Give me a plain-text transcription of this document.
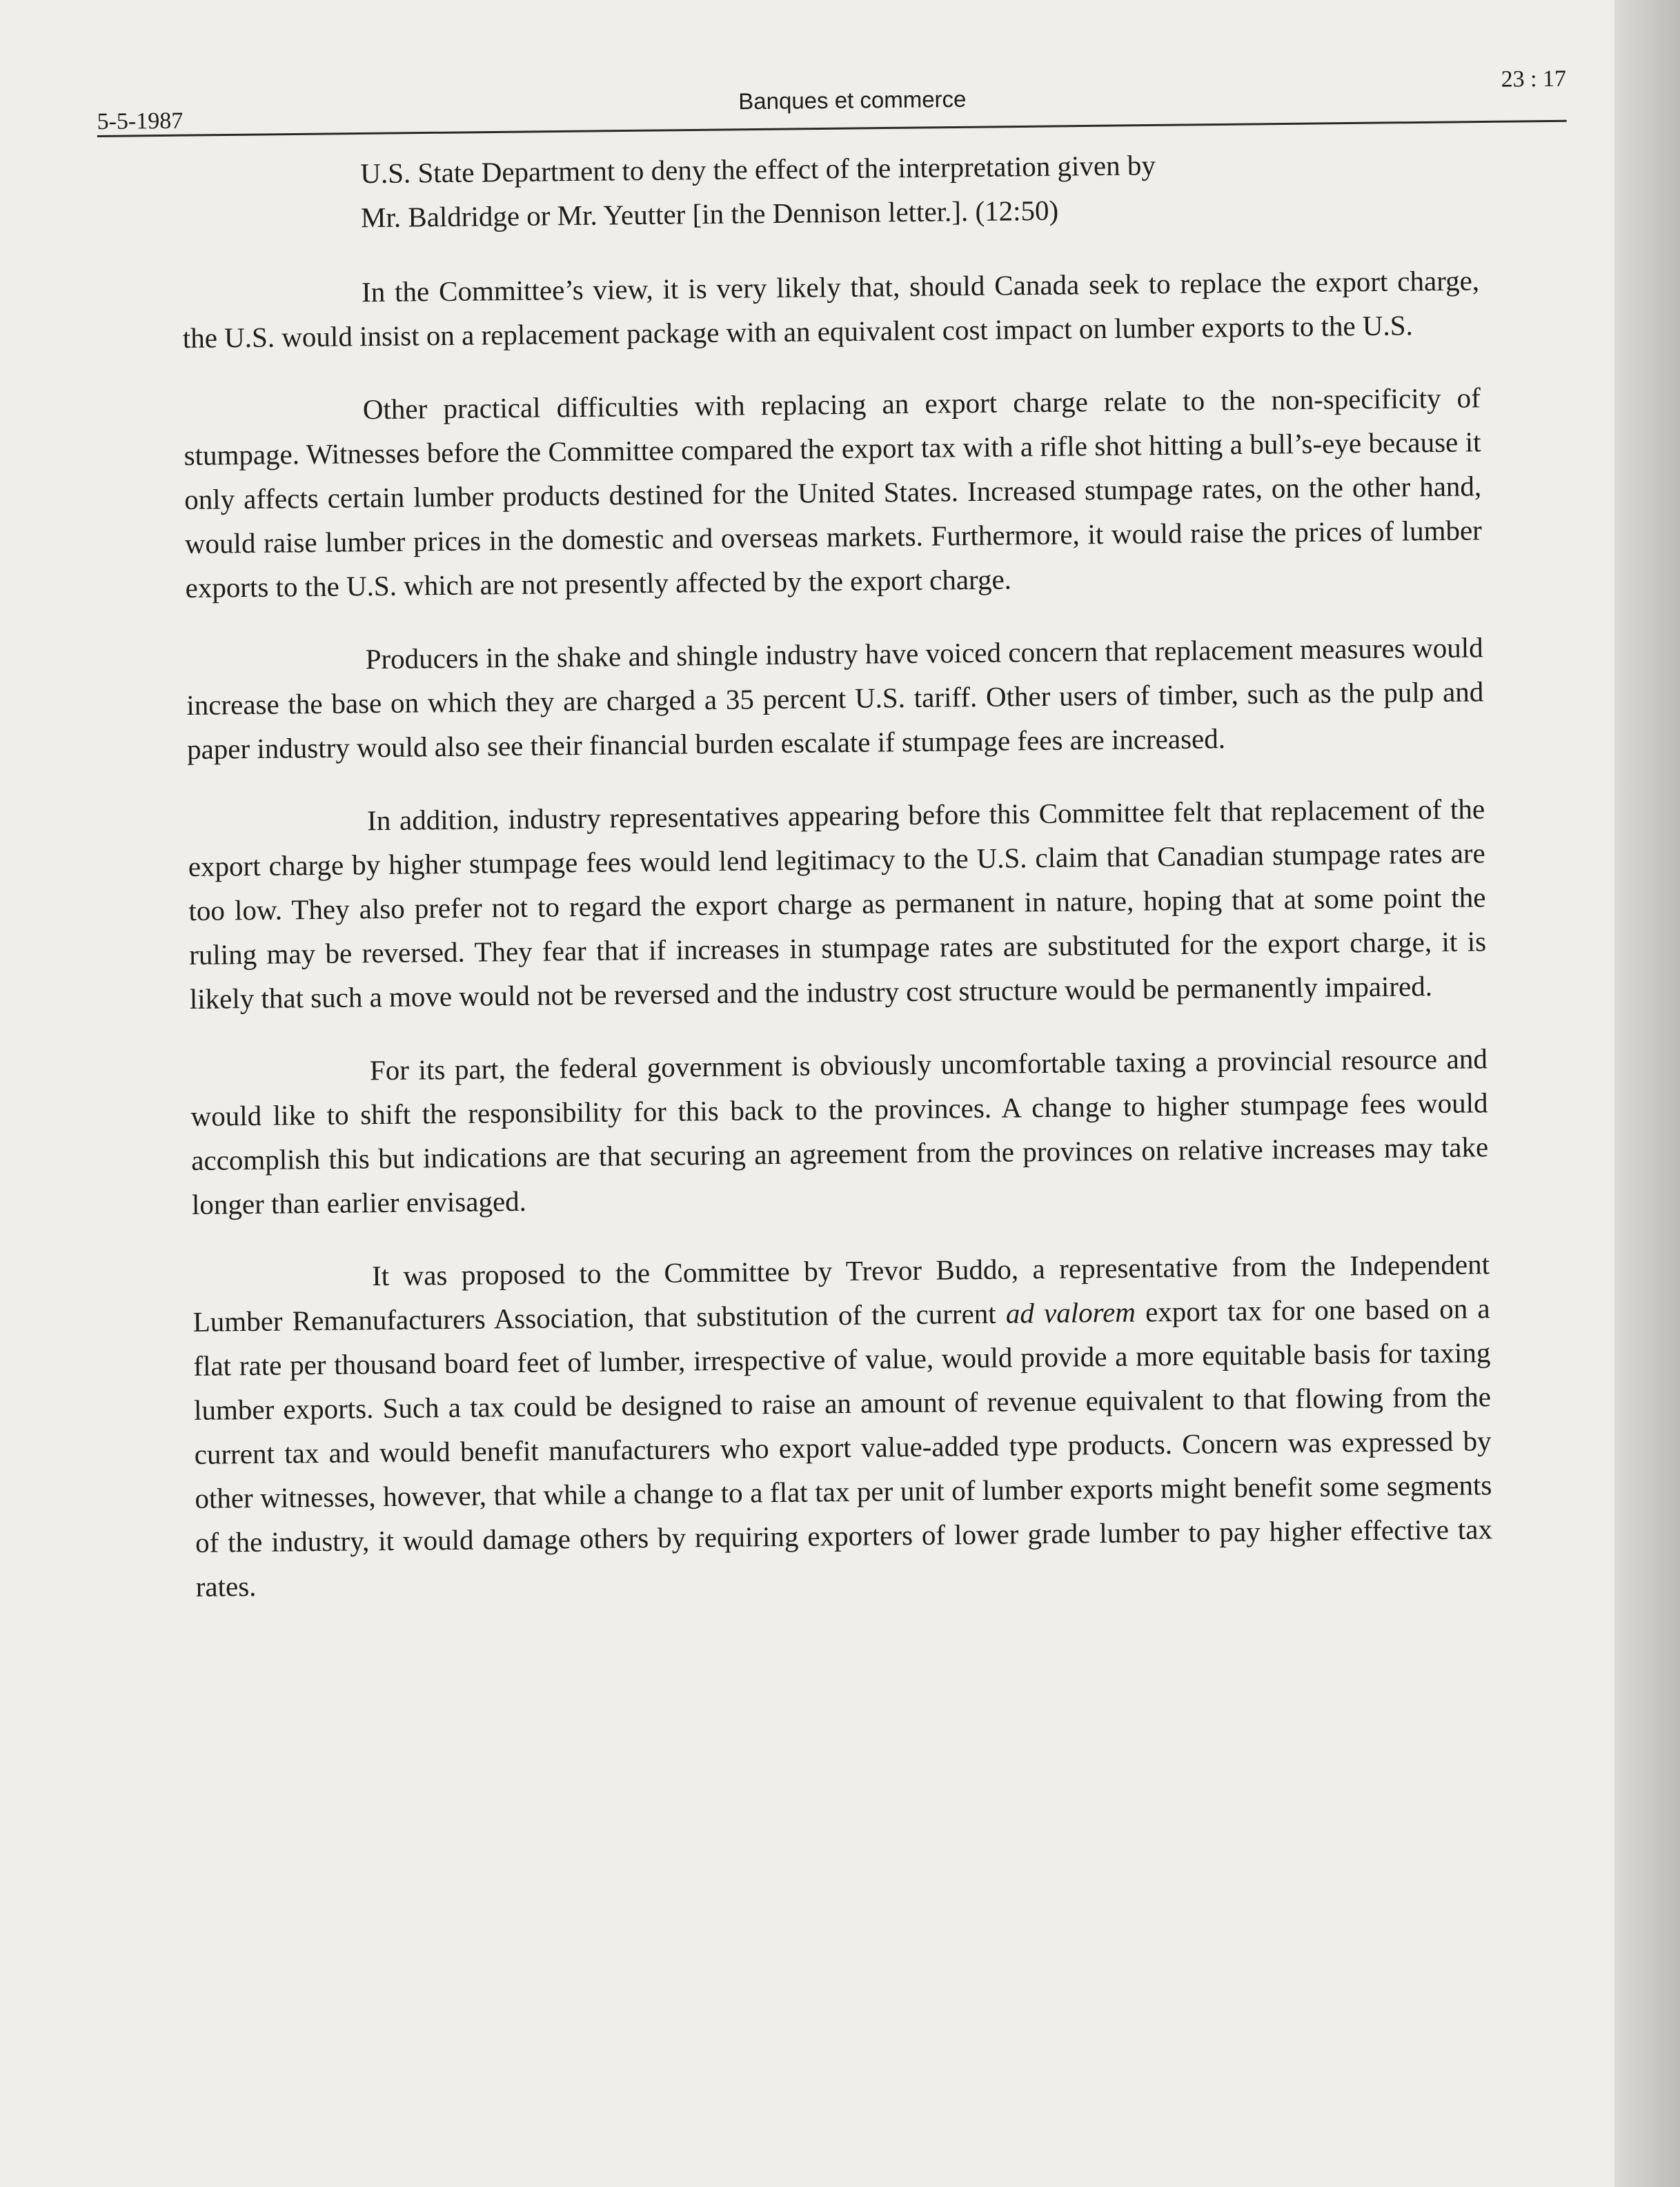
5-5-1987
Banques et commerce
23 : 17

U.S. State Department to deny the effect of the interpretation given by
Mr. Baldridge or Mr. Yeutter [in the Dennison letter.]. (12:50)

In the Committee’s view, it is very likely that, should Canada seek to replace the export charge, the U.S. would insist on a replacement package with an equivalent cost impact on lumber exports to the U.S.

Other practical difficulties with replacing an export charge relate to the non-specificity of stumpage. Witnesses before the Committee compared the export tax with a rifle shot hitting a bull’s-eye because it only affects certain lumber products destined for the United States. Increased stumpage rates, on the other hand, would raise lumber prices in the domestic and overseas markets. Furthermore, it would raise the prices of lumber exports to the U.S. which are not presently affected by the export charge.

Producers in the shake and shingle industry have voiced concern that replacement measures would increase the base on which they are charged a 35 percent U.S. tariff. Other users of timber, such as the pulp and paper industry would also see their financial burden escalate if stumpage fees are increased.

In addition, industry representatives appearing before this Committee felt that replacement of the export charge by higher stumpage fees would lend legitimacy to the U.S. claim that Canadian stumpage rates are too low. They also prefer not to regard the export charge as permanent in nature, hoping that at some point the ruling may be reversed. They fear that if increases in stumpage rates are substituted for the export charge, it is likely that such a move would not be reversed and the industry cost structure would be permanently impaired.

For its part, the federal government is obviously uncomfortable taxing a provincial resource and would like to shift the responsibility for this back to the provinces. A change to higher stumpage fees would accomplish this but indications are that securing an agreement from the provinces on relative increases may take longer than earlier envisaged.

It was proposed to the Committee by Trevor Buddo, a representative from the Independent Lumber Remanufacturers Association, that substitution of the current ad valorem export tax for one based on a flat rate per thousand board feet of lumber, irrespective of value, would provide a more equitable basis for taxing lumber exports. Such a tax could be designed to raise an amount of revenue equivalent to that flowing from the current tax and would benefit manufacturers who export value-added type products. Concern was expressed by other witnesses, however, that while a change to a flat tax per unit of lumber exports might benefit some segments of the industry, it would damage others by requiring exporters of lower grade lumber to pay higher effective tax rates.
